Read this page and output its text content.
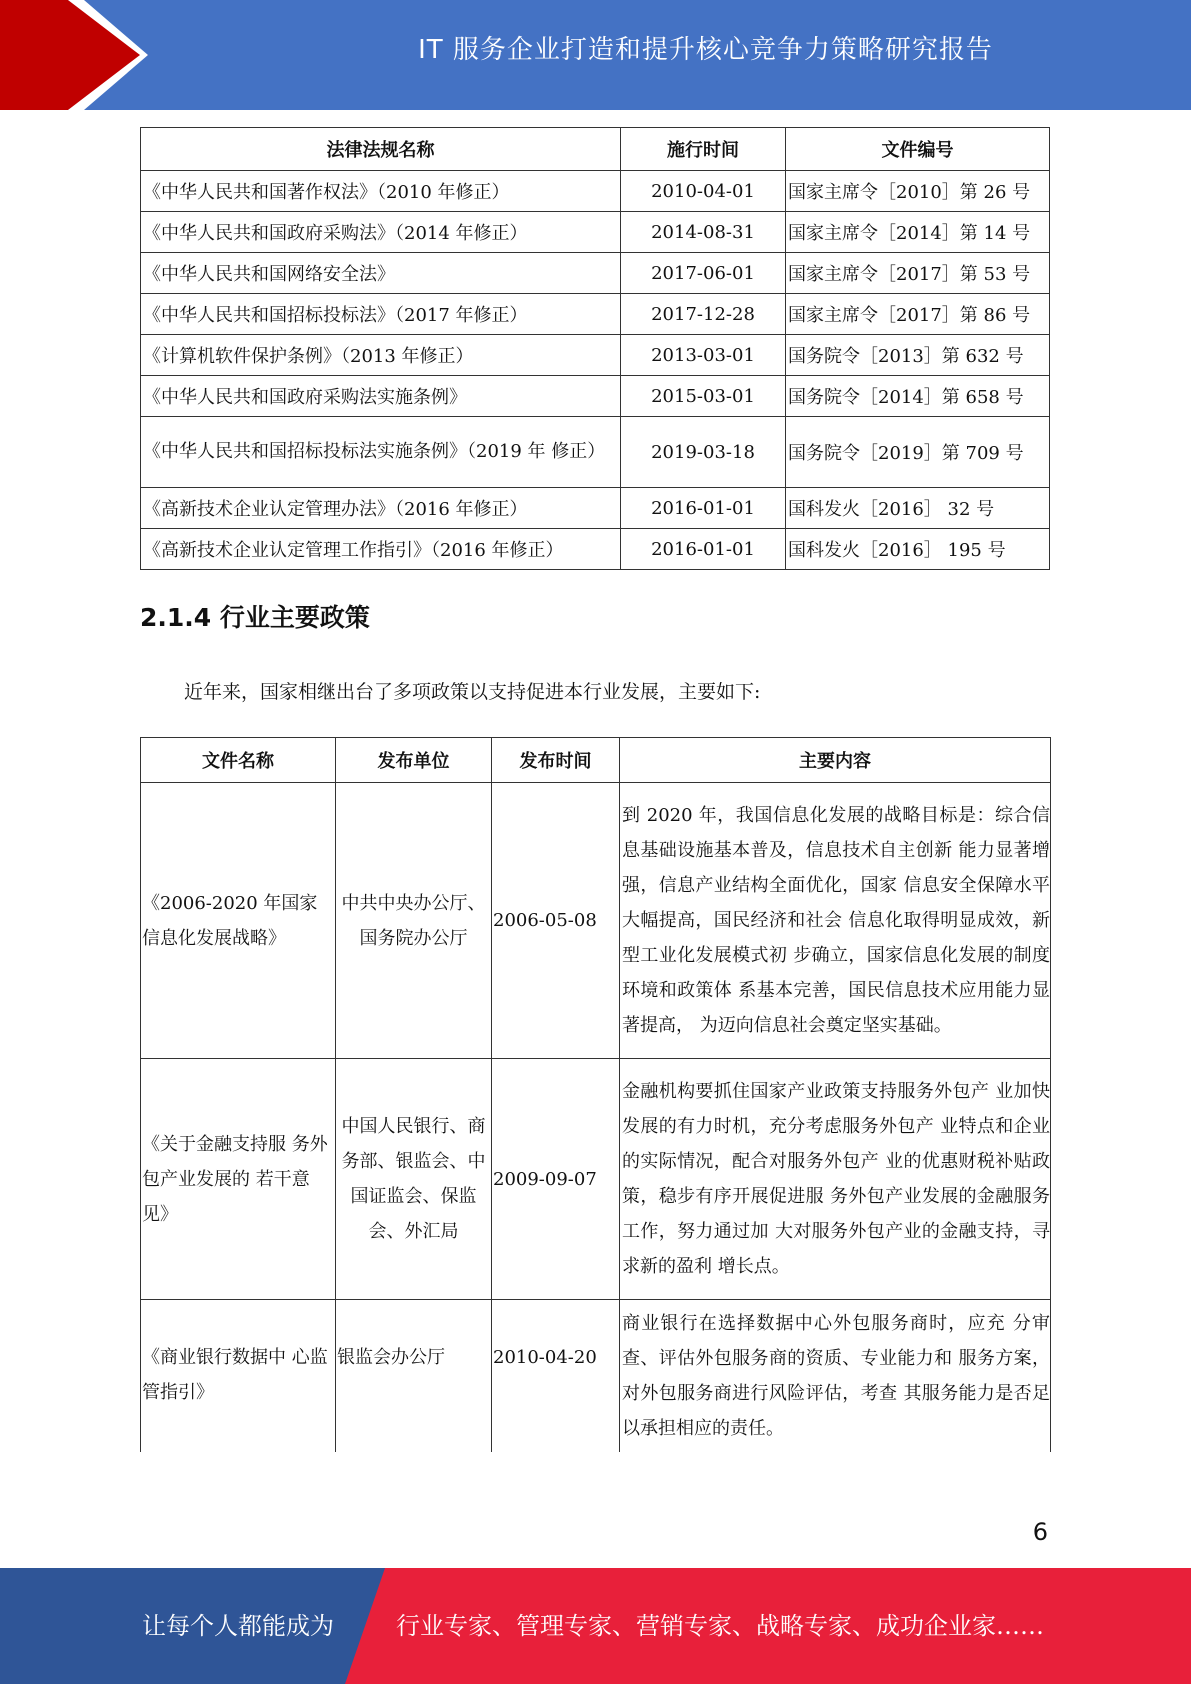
IT 服务企业打造和提升核心竞争力策略研究报告
法律法规名称	施行时间	文件编号
《中华人民共和国著作权法》（2010 年修正）	2010-04-01	国家主席令［2010］第 26 号
《中华人民共和国政府采购法》（2014 年修正）	2014-08-31	国家主席令［2014］第 14 号
《中华人民共和国网络安全法》	2017-06-01	国家主席令［2017］第 53 号
《中华人民共和国招标投标法》（2017 年修正）	2017-12-28	国家主席令［2017］第 86 号
《计算机软件保护条例》（2013 年修正）	2013-03-01	国务院令［2013］第 632 号
《中华人民共和国政府采购法实施条例》	2015-03-01	国务院令［2014］第 658 号
《中华人民共和国招标投标法实施条例》（2019 年 修正）	2019-03-18	国务院令［2019］第 709 号
《高新技术企业认定管理办法》（2016 年修正）	2016-01-01	国科发火［2016］ 32 号
《高新技术企业认定管理工作指引》（2016 年修正）	2016-01-01	国科发火［2016］ 195 号
2.1.4 行业主要政策

近年来，国家相继出台了多项政策以支持促进本行业发展，主要如下:

文件名称	发布单位	发布时间	主要内容
《2006-2020 年国家信息化发展战略》	中共中央办公厅、国务院办公厅	2006-05-08	到 2020 年，我国信息化发展的战略目标是：综合信息基础设施基本普及，信息技术自主创新 能力显著增强，信息产业结构全面优化，国家 信息安全保障水平大幅提高，国民经济和社会 信息化取得明显成效，新型工业化发展模式初 步确立，国家信息化发展的制度环境和政策体 系基本完善，国民信息技术应用能力显著提高， 为迈向信息社会奠定坚实基础。
《关于金融支持服 务外包产业发展的 若干意见》	中国人民银行、商务部、银监会、中国证监会、保监会、外汇局	2009-09-07	金融机构要抓住国家产业政策支持服务外包产 业加快发展的有力时机，充分考虑服务外包产 业特点和企业的实际情况，配合对服务外包产 业的优惠财税补贴政策，稳步有序开展促进服 务外包产业发展的金融服务工作，努力通过加 大对服务外包产业的金融支持，寻求新的盈利 增长点。
《商业银行数据中 心监管指引》	银监会办公厅	2010-04-20	商业银行在选择数据中心外包服务商时，应充 分审查、评估外包服务商的资质、专业能力和 服务方案，对外包服务商进行风险评估，考查 其服务能力是否足以承担相应的责任。
6
让每个人都能成为	行业专家、管理专家、营销专家、战略专家、成功企业家……
